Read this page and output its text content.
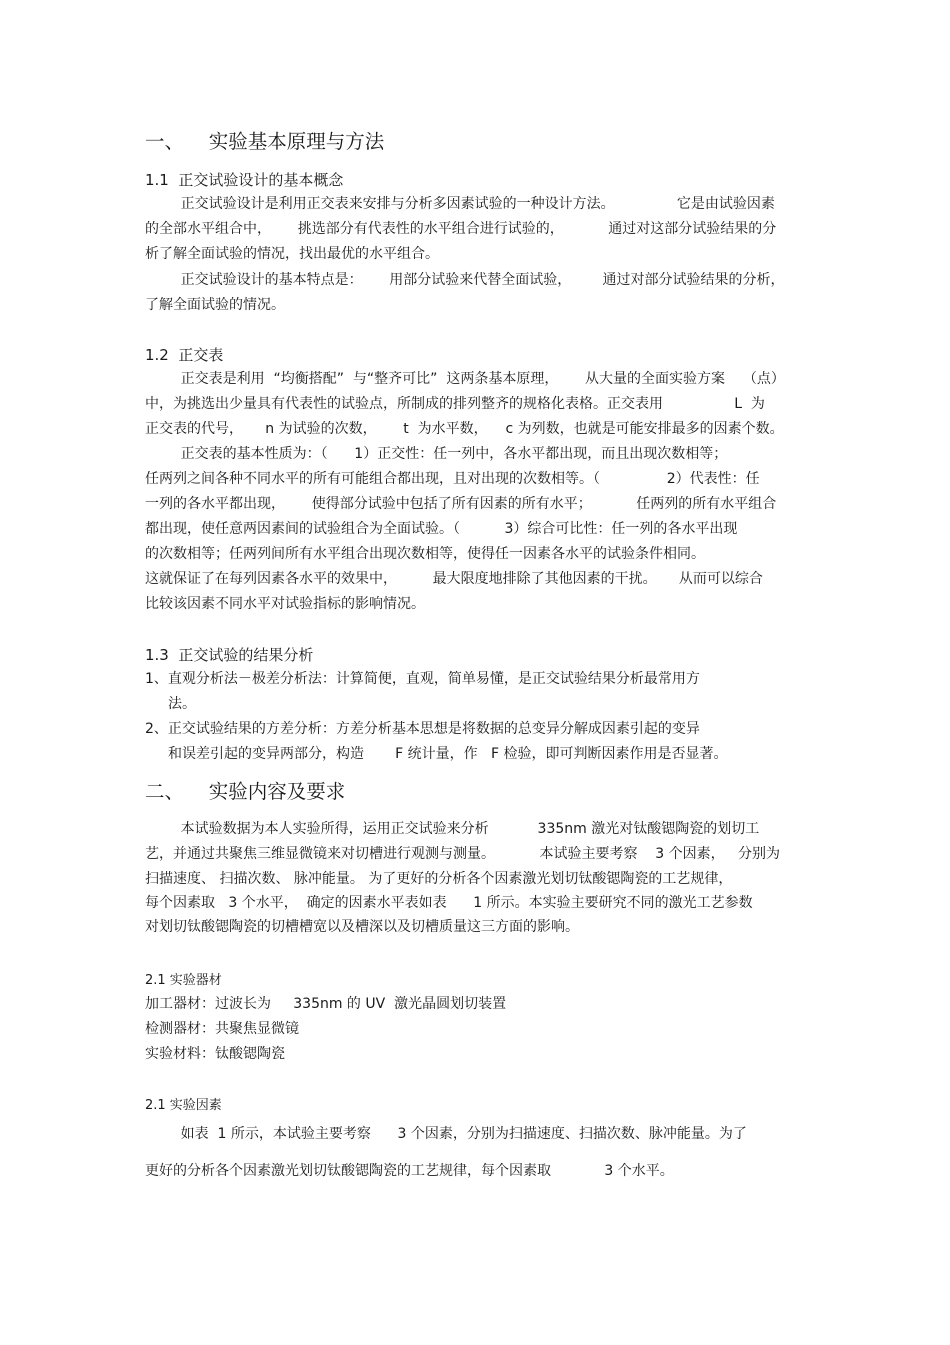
一、    实验基本原理与方法
1.1  正交试验设计的基本概念
正交试验设计是利用正交表来安排与分析多因素试验的一种设计方法。              它是由试验因素
的全部水平组合中，      挑选部分有代表性的水平组合进行试验的，          通过对这部分试验结果的分
析了解全面试验的情况，找出最优的水平组合。
正交试验设计的基本特点是：      用部分试验来代替全面试验，       通过对部分试验结果的分析，
了解全面试验的情况。
1.2  正交表
正交表是利用  “均衡搭配”  与“整齐可比”  这两条基本原理，      从大量的全面实验方案    （点）
中，为挑选出少量具有代表性的试验点，所制成的排列整齐的规格化表格。正交表用                L  为
正交表的代号，     n 为试验的次数，      t  为水平数，    c 为列数，也就是可能安排最多的因素个数。
正交表的基本性质为：（      1）正交性：任一列中，各水平都出现，而且出现次数相等；
任两列之间各种不同水平的所有可能组合都出现，且对出现的次数相等。（               2）代表性：任
一列的各水平都出现，      使得部分试验中包括了所有因素的所有水平；          任两列的所有水平组合
都出现，使任意两因素间的试验组合为全面试验。（          3）综合可比性：任一列的各水平出现
的次数相等；任两列间所有水平组合出现次数相等，使得任一因素各水平的试验条件相同。
这就保证了在每列因素各水平的效果中，        最大限度地排除了其他因素的干扰。     从而可以综合
比较该因素不同水平对试验指标的影响情况。
1.3  正交试验的结果分析
1、直观分析法－极差分析法：计算简便，直观，简单易懂，是正交试验结果分析最常用方
法。
2、正交试验结果的方差分析：方差分析基本思想是将数据的总变异分解成因素引起的变异
和误差引起的变异两部分，构造       F 统计量，作   F 检验，即可判断因素作用是否显著。
二、    实验内容及要求
本试验数据为本人实验所得，运用正交试验来分析           335nm 激光对钛酸锶陶瓷的划切工
艺，并通过共聚焦三维显微镜来对切槽进行观测与测量。          本试验主要考察    3 个因素，   分别为
扫描速度、 扫描次数、 脉冲能量。 为了更好的分析各个因素激光划切钛酸锶陶瓷的工艺规律，
每个因素取   3 个水平，  确定的因素水平表如表      1 所示。本实验主要研究不同的激光工艺参数
对划切钛酸锶陶瓷的切槽槽宽以及槽深以及切槽质量这三方面的影响。
2.1 实验器材
加工器材：过波长为     335nm 的 UV  激光晶圆划切装置
检测器材：共聚焦显微镜
实验材料：钛酸锶陶瓷
2.1 实验因素
如表  1 所示，本试验主要考察      3 个因素，分别为扫描速度、扫描次数、脉冲能量。为了
更好的分析各个因素激光划切钛酸锶陶瓷的工艺规律，每个因素取            3 个水平。
